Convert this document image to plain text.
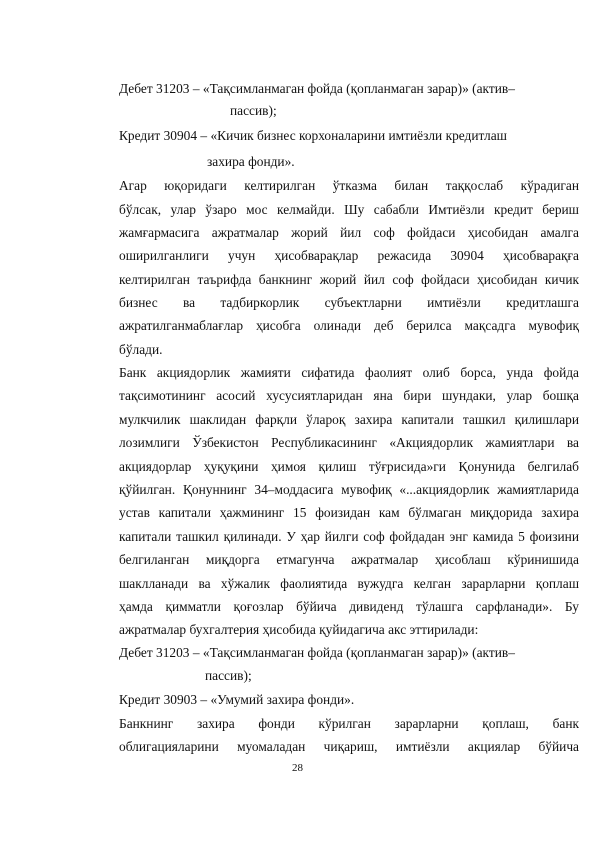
Дебет 31203 – «Тақсимланмаган фойда (қопланмаган зарар)» (актив–
пассив);
Кредит 30904 – «Кичик бизнес корхоналарини имтиёзли кредитлаш
захира фонди».
Агар юқоридаги келтирилган ўтказма билан таққослаб кўрадиган
бўлсак, улар ўзаро мос келмайди. Шу сабабли Имтиёзли кредит бериш
жамғармасига ажратмалар жорий йил соф фойдаси ҳисобидан амалга
оширилганлиги учун ҳисобварақлар режасида 30904 ҳисобварақға
келтирилган таърифда банкнинг жорий йил соф фойдаси ҳисобидан кичик
бизнес ва тадбиркорлик субъектларни имтиёзли кредитлашга
ажратилганмаблағлар ҳисобга олинади деб берилса мақсадга мувофиқ
бўлади.
Банк акциядорлик жамияти сифатида фаолият олиб борса, унда фойда
тақсимотининг асосий хусусиятларидан яна бири шундаки, улар бошқа
мулкчилик шаклидан фарқли ўлароқ захира капитали ташкил қилишлари
лозимлиги Ўзбекистон Республикасининг «Акциядорлик жамиятлари ва
акциядорлар ҳуқуқини ҳимоя қилиш тўғрисида»ги Қонунида белгилаб
қўйилган. Қонуннинг 34–моддасига мувофиқ «...акциядорлик жамиятларида
устав капитали ҳажмининг 15 фоизидан кам бўлмаган миқдорида захира
капитали ташкил қилинади. У ҳар йилги соф фойдадан энг камида 5 фоизини
белгиланган миқдорга етмагунча ажратмалар ҳисоблаш кўринишида
шаклланади ва хўжалик фаолиятида вужудга келган зарарларни қоплаш
ҳамда қимматли қоғозлар бўйича дивиденд тўлашга сарфланади». Бу
ажратмалар бухгалтерия ҳисобида қуйидагича акс эттирилади:
Дебет 31203 – «Тақсимланмаган фойда (қопланмаган зарар)» (актив–
пассив);
Кредит 30903 – «Умумий захира фонди».
Банкнинг захира фонди кўрилган зарарларни қоплаш, банк
облигацияларини муомаладан чиқариш, имтиёзли акциялар бўйича
28
